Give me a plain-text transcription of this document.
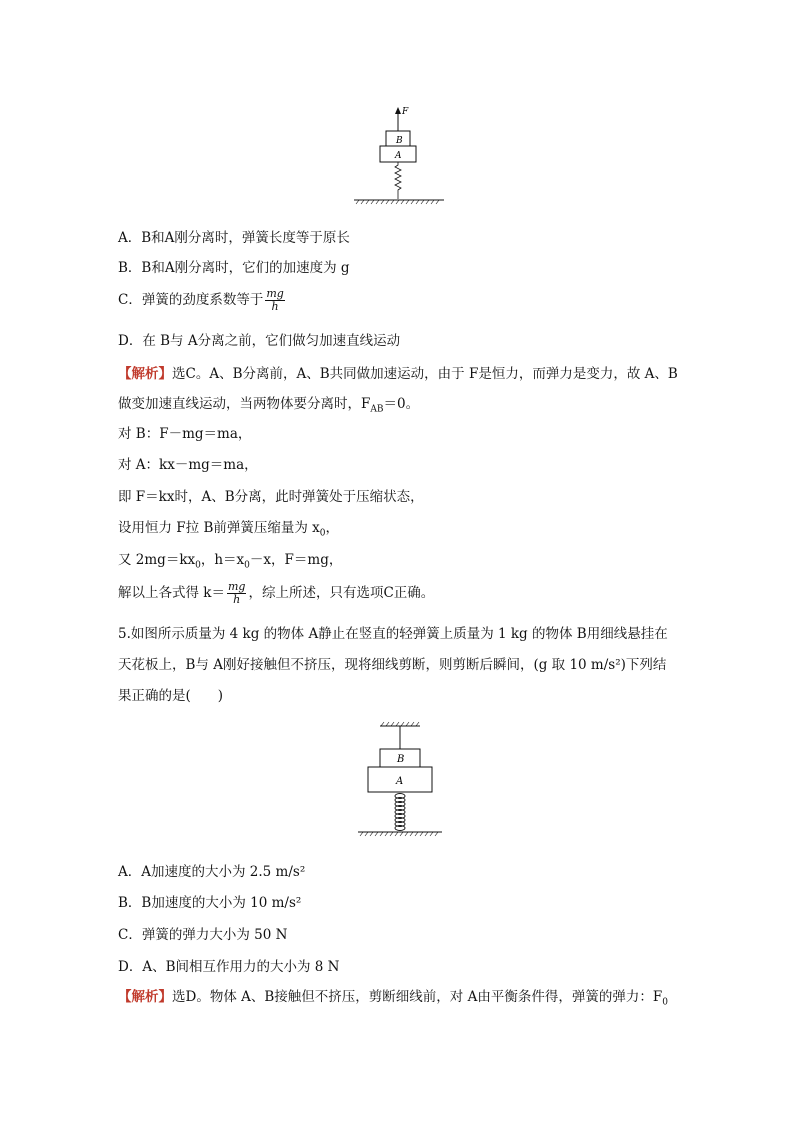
F
B
A
A．B和A刚分离时，弹簧长度等于原长
B．B和A刚分离时，它们的加速度为 g
C．弹簧的劲度系数等于 $\frac{mg}{h}$
D．在 B与 A分离之前，它们做匀加速直线运动
【解析】选C。A、B分离前，A、B共同做加速运动，由于 F是恒力，而弹力是变力，故 A、B
做变加速直线运动，当两物体要分离时，$F_{AB}=0$。
对 B：F－mg＝ma，
对 A：kx－mg＝ma，
即 F＝kx时，A、B分离，此时弹簧处于压缩状态，
设用恒力 F拉 B前弹簧压缩量为 $x_0$，
又 $2mg=kx_0$，$h=x_0-x$，F＝mg，
解以上各式得 $k= \frac{mg}{h}$ ，综上所述，只有选项C正确。
5.如图所示质量为 4 kg 的物体 A静止在竖直的轻弹簧上质量为 1 kg 的物体 B用细线悬挂在
天花板上，B与 A刚好接触但不挤压，现将细线剪断，则剪断后瞬间，(g 取 10 m/s²)下列结
果正确的是(　　)
B
A
A．A加速度的大小为 2.5 m/s²
B．B加速度的大小为 10 m/s²
C．弹簧的弹力大小为 50 N
D．A、B间相互作用力的大小为 8 N
【解析】选D。物体 A、B接触但不挤压，剪断细线前，对 A由平衡条件得，弹簧的弹力：$F_0$
